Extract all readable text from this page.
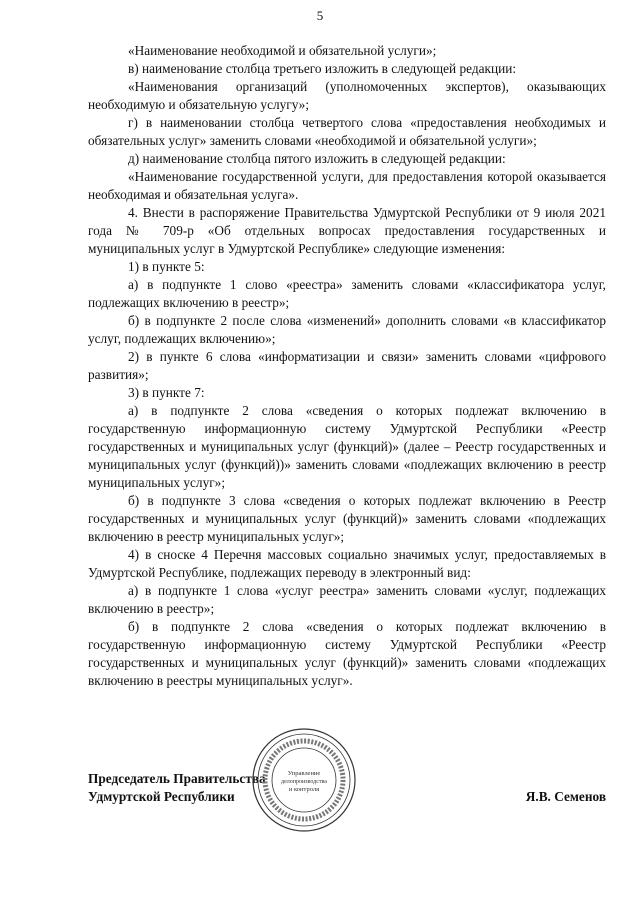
5

«Наименование необходимой и обязательной услуги»;

в) наименование столбца третьего изложить в следующей редакции:

«Наименования организаций (уполномоченных экспертов), оказывающих необходимую и обязательную услугу»;

г) в наименовании столбца четвертого слова «предоставления необходимых и обязательных услуг» заменить словами «необходимой и обязательной услуги»;

д) наименование столбца пятого изложить в следующей редакции:

«Наименование государственной услуги, для предоставления которой оказывается необходимая и обязательная услуга».

4. Внести в распоряжение Правительства Удмуртской Республики от 9 июля 2021 года № 709-р «Об отдельных вопросах предоставления государственных и муниципальных услуг в Удмуртской Республике» следующие изменения:

1) в пункте 5:

а) в подпункте 1 слово «реестра» заменить словами «классификатора услуг, подлежащих включению в реестр»;

б) в подпункте 2 после слова «изменений» дополнить словами «в классификатор услуг, подлежащих включению»;

2) в пункте 6 слова «информатизации и связи» заменить словами «цифрового развития»;

3) в пункте 7:

а) в подпункте 2 слова «сведения о которых подлежат включению в государственную информационную систему Удмуртской Республики «Реестр государственных и муниципальных услуг (функций)» (далее – Реестр государственных и муниципальных услуг (функций))» заменить словами «подлежащих включению в реестр муниципальных услуг»;

б) в подпункте 3 слова «сведения о которых подлежат включению в Реестр государственных и муниципальных услуг (функций)» заменить словами «подлежащих включению в реестр муниципальных услуг»;

4) в сноске 4 Перечня массовых социально значимых услуг, предоставляемых в Удмуртской Республике, подлежащих переводу в электронный вид:

а) в подпункте 1 слова «услуг реестра» заменить словами «услуг, подлежащих включению в реестр»;

б) в подпункте 2 слова «сведения о которых подлежат включению в государственную информационную систему Удмуртской Республики «Реестр государственных и муниципальных услуг (функций)» заменить словами «подлежащих включению в реестры муниципальных услуг».

Председатель Правительства
Удмуртской Республики	Я.В. Семенов
Управление
делопроизводства
и контроля
